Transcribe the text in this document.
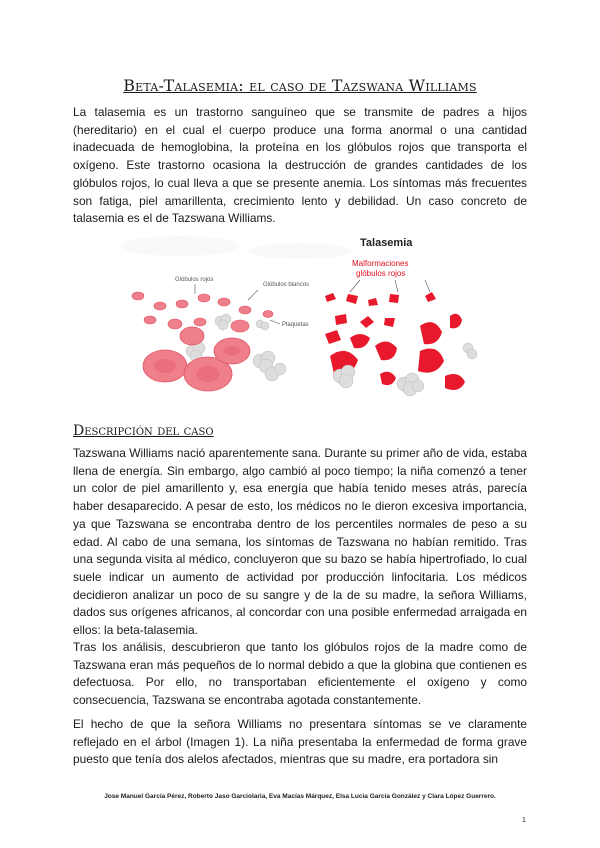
Beta-Talasemia: el caso de Tazswana Williams

La talasemia es un trastorno sanguíneo que se transmite de padres a hijos (hereditario) en el cual el cuerpo produce una forma anormal o una cantidad inadecuada de hemoglobina, la proteína en los glóbulos rojos que transporta el oxígeno. Este trastorno ocasiona la destrucción de grandes cantidades de los glóbulos rojos, lo cual lleva a que se presente anemia. Los síntomas más frecuentes son fatiga, piel amarillenta, crecimiento lento y debilidad. Un caso concreto de talasemia es el de Tazswana Williams.

Glóbulos rojos
Glóbulos blancos
Plaquetas
Talasemia
Malformaciones glóbulos rojos
Descripción del caso

Tazswana Williams nació aparentemente sana. Durante su primer año de vida, estaba llena de energía. Sin embargo, algo cambió al poco tiempo; la niña comenzó a tener un color de piel amarillento y, esa energía que había tenido meses atrás, parecía haber desaparecido. A pesar de esto, los médicos no le dieron excesiva importancia, ya que Tazswana se encontraba dentro de los percentiles normales de peso a su edad. Al cabo de una semana, los síntomas de Tazswana no habían remitido. Tras una segunda visita al médico, concluyeron que su bazo se había hipertrofiado, lo cual suele indicar un aumento de actividad por producción linfocitaria. Los médicos decidieron analizar un poco de su sangre y de la de su madre, la señora Williams, dados sus orígenes africanos, al concordar con una posible enfermedad arraigada en ellos: la beta-talasemia.

Tras los análisis, descubrieron que tanto los glóbulos rojos de la madre como de Tazswana eran más pequeños de lo normal debido a que la globina que contienen es defectuosa. Por ello, no transportaban eficientemente el oxígeno y como consecuencia, Tazswana se encontraba agotada constantemente.

El hecho de que la señora Williams no presentara síntomas se ve claramente reflejado en el árbol (Imagen 1). La niña presentaba la enfermedad de forma grave puesto que tenía dos alelos afectados, mientras que su madre, era portadora sin

Jose Manuel García Pérez, Roberto Jaso Garciolaria, Eva Macías Márquez, Elsa Lucia García González y Clara López Guerrero.
1
